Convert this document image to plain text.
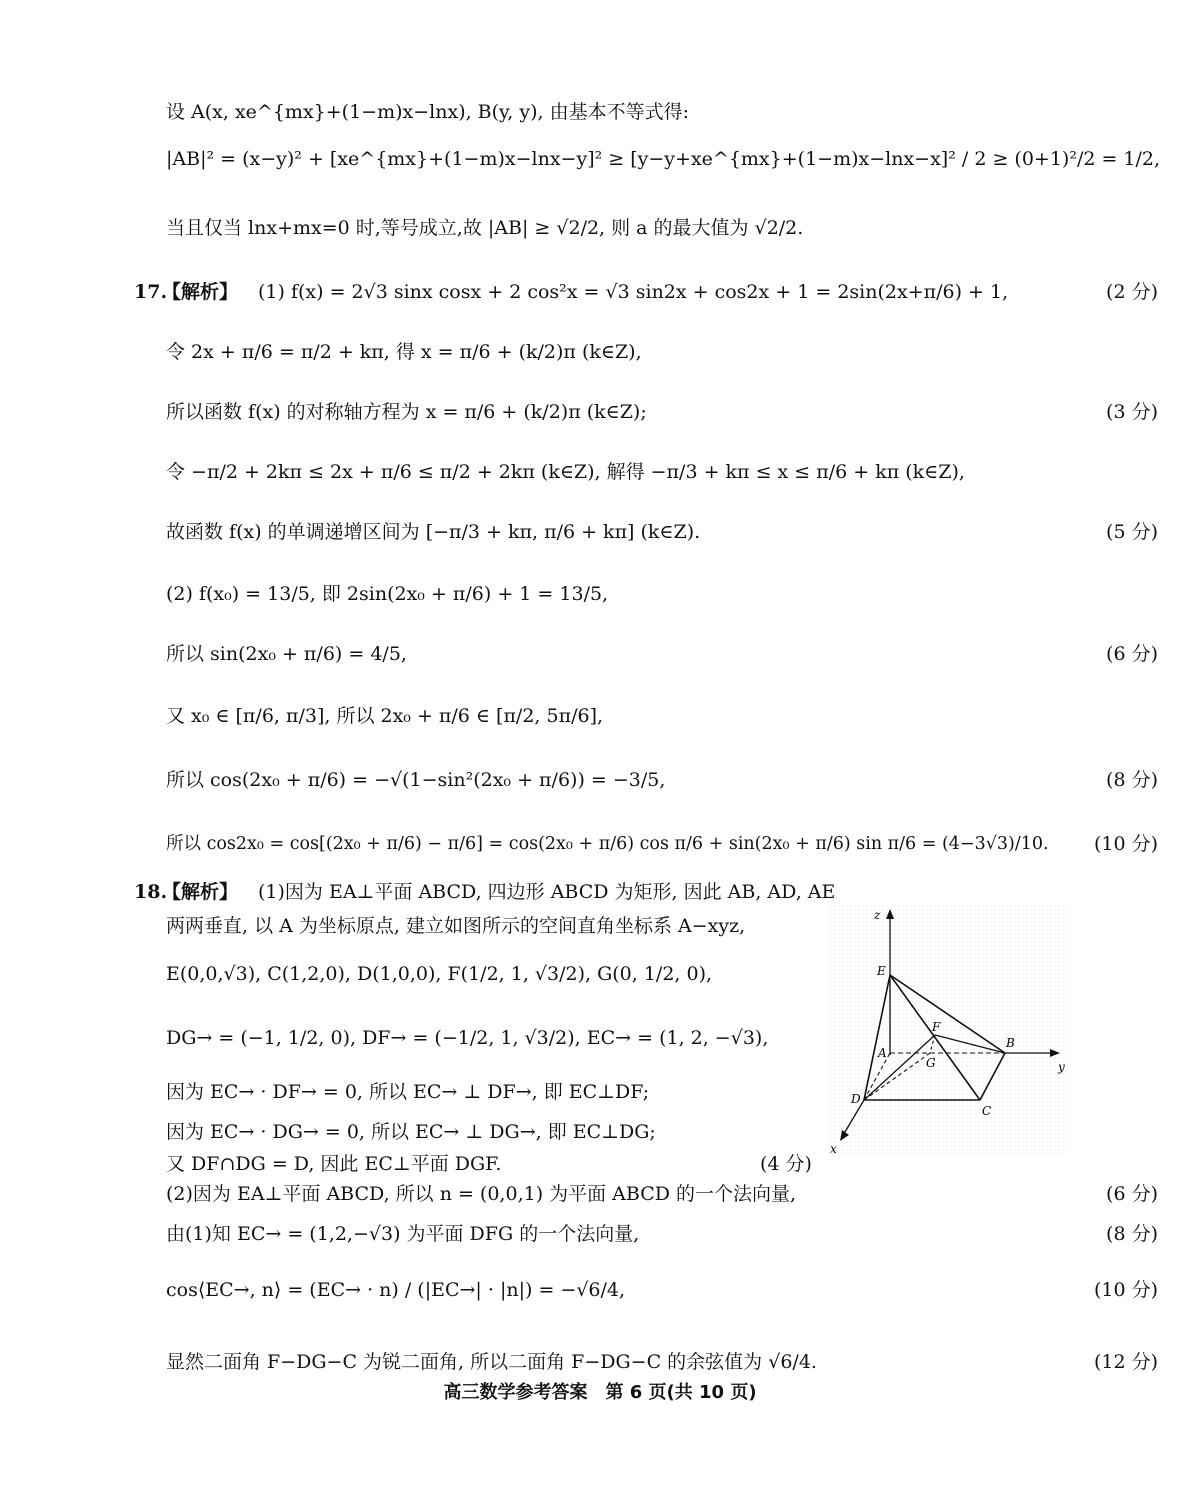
设 A(x, xe^{mx}+(1−m)x−lnx), B(y, y), 由基本不等式得:
|AB|² = (x−y)² + [xe^{mx}+(1−m)x−lnx−y]² ≥ [y−y+xe^{mx}+(1−m)x−lnx−x]² / 2 ≥ (0+1)²/2 = 1/2,
当且仅当 lnx+mx=0 时,等号成立,故 |AB| ≥ √2/2, 则 a 的最大值为 √2/2.
17.
【解析】 (1) f(x) = 2√3 sinx cosx + 2 cos²x = √3 sin2x + cos2x + 1 = 2sin(2x+π/6) + 1,	(2 分)
令 2x + π/6 = π/2 + kπ, 得 x = π/6 + (k/2)π (k∈Z),
所以函数 f(x) 的对称轴方程为 x = π/6 + (k/2)π (k∈Z);	(3 分)
令 −π/2 + 2kπ ≤ 2x + π/6 ≤ π/2 + 2kπ (k∈Z), 解得 −π/3 + kπ ≤ x ≤ π/6 + kπ (k∈Z),
故函数 f(x) 的单调递增区间为 [−π/3 + kπ, π/6 + kπ] (k∈Z).	(5 分)
(2) f(x₀) = 13/5, 即 2sin(2x₀ + π/6) + 1 = 13/5,
所以 sin(2x₀ + π/6) = 4/5,	(6 分)
又 x₀ ∈ [π/6, π/3], 所以 2x₀ + π/6 ∈ [π/2, 5π/6],
所以 cos(2x₀ + π/6) = −√(1−sin²(2x₀ + π/6)) = −3/5,	(8 分)
所以 cos2x₀ = cos[(2x₀ + π/6) − π/6] = cos(2x₀ + π/6) cos π/6 + sin(2x₀ + π/6) sin π/6 = (4−3√3)/10. (10 分)
18.
【解析】 (1)因为 EA⊥平面 ABCD, 四边形 ABCD 为矩形, 因此 AB, AD, AE
两两垂直, 以 A 为坐标原点, 建立如图所示的空间直角坐标系 A−xyz,
E(0,0,√3), C(1,2,0), D(1,0,0), F(1/2, 1, √3/2), G(0, 1/2, 0),
DG→ = (−1, 1/2, 0), DF→ = (−1/2, 1, √3/2), EC→ = (1, 2, −√3),
因为 EC→ · DF→ = 0, 所以 EC→ ⊥ DF→, 即 EC⊥DF;
因为 EC→ · DG→ = 0, 所以 EC→ ⊥ DG→, 即 EC⊥DG;
又 DF∩DG = D, 因此 EC⊥平面 DGF.	(4 分)
(2)因为 EA⊥平面 ABCD, 所以 n = (0,0,1) 为平面 ABCD 的一个法向量,	(6 分)
由(1)知 EC→ = (1,2,−√3) 为平面 DFG 的一个法向量,	(8 分)
cos⟨EC→, n⟩ = (EC→ · n) / (|EC→| · |n|) = −√6/4,	(10 分)
显然二面角 F−DG−C 为锐二面角, 所以二面角 F−DG−C 的余弦值为 √6/4.	(12 分)
z
y
x
E
A
F
G
B
D
C
高三数学参考答案　第 6 页(共 10 页)
